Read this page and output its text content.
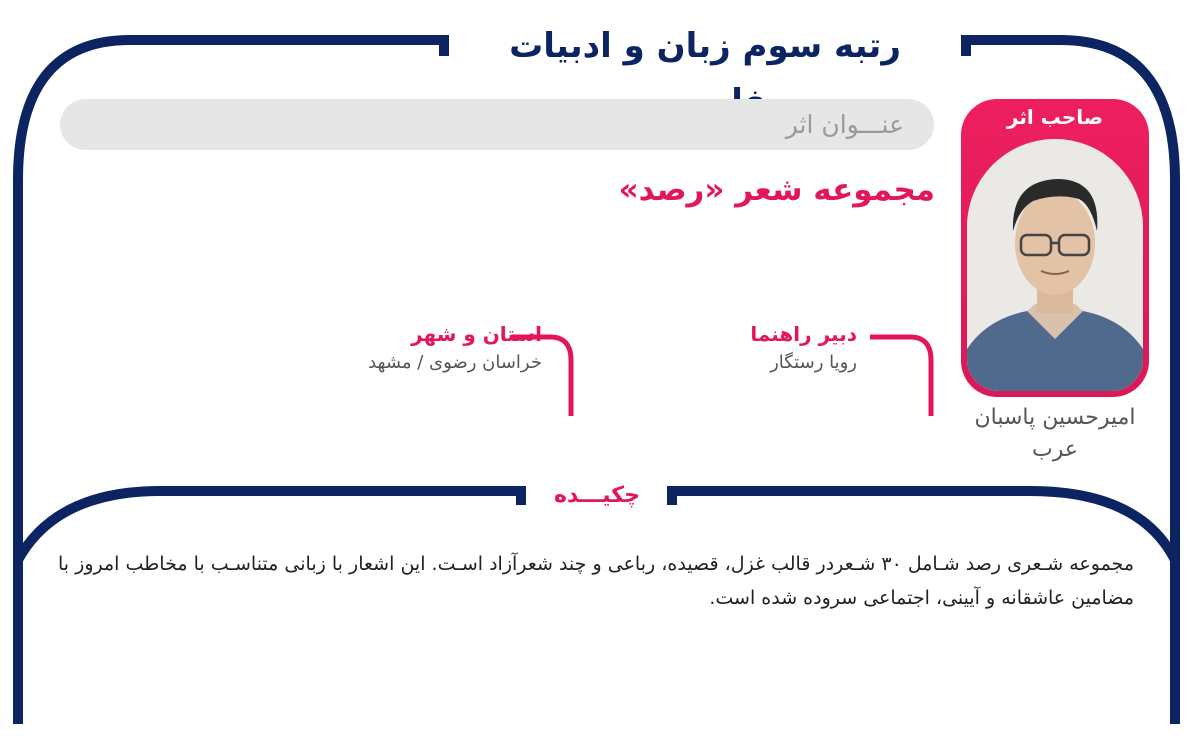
رتبه سوم زبان و ادبیات
عنـــوان اثر
مجموعه شعر «رصد»
صاحب اثر
امیرحسین پاسبان
عرب
دبیر راهنما
رویا رستگار
استان و شهر
خراسان رضوی / مشهد
چکیـــده
مجموعه شـعری رصد شـامل ۳۰ شـعردر قالب غزل، قصیده، رباعی و چند شعرآزاد اسـت. این اشعار با زبانی متناسـب با مخاطب امروز با مضامین عاشقانه و آیینی، اجتماعی سروده شده است.
